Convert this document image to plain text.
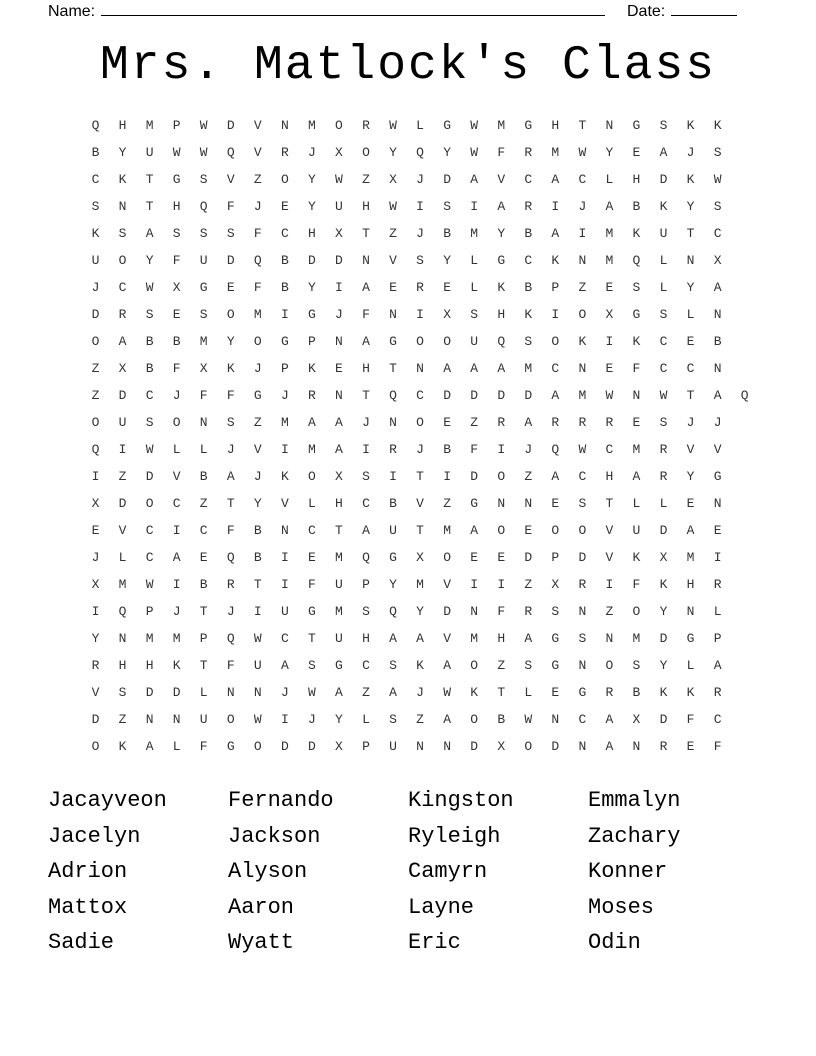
Name:	Date:
Mrs. Matlock's Class
Q	H	M	P	W	D	V	N	M	O	R	W	L	G	W	M	G	H	T	N	G	S	K	K
B	Y	U	W	W	Q	V	R	J	X	O	Y	Q	Y	W	F	R	M	W	Y	E	A	J	S
C	K	T	G	S	V	Z	O	Y	W	Z	X	J	D	A	V	C	A	C	L	H	D	K	W
S	N	T	H	Q	F	J	E	Y	U	H	W	I	S	I	A	R	I	J	A	B	K	Y	S
K	S	A	S	S	S	F	C	H	X	T	Z	J	B	M	Y	B	A	I	M	K	U	T	C
U	O	Y	F	U	D	Q	B	D	D	N	V	S	Y	L	G	C	K	N	M	Q	L	N	X
J	C	W	X	G	E	F	B	Y	I	A	E	R	E	L	K	B	P	Z	E	S	L	Y	A
D	R	S	E	S	O	M	I	G	J	F	N	I	X	S	H	K	I	O	X	G	S	L	N
O	A	B	B	M	Y	O	G	P	N	A	G	O	O	U	Q	S	O	K	I	K	C	E	B
Z	X	B	F	X	K	J	P	K	E	H	T	N	A	A	A	M	C	N	E	F	C	C	N
Z	D	C	J	F	F	G	J	R	N	T	Q	C	D	D	D	D	A	M	W	N	W	T	A	Q
O	U	S	O	N	S	Z	M	A	A	J	N	O	E	Z	R	A	R	R	R	E	S	J	J
Q	I	W	L	L	J	V	I	M	A	I	R	J	B	F	I	J	Q	W	C	M	R	V	V
I	Z	D	V	B	A	J	K	O	X	S	I	T	I	D	O	Z	A	C	H	A	R	Y	G
X	D	O	C	Z	T	Y	V	L	H	C	B	V	Z	G	N	N	E	S	T	L	L	E	N
E	V	C	I	C	F	B	N	C	T	A	U	T	M	A	O	E	O	O	V	U	D	A	E
J	L	C	A	E	Q	B	I	E	M	Q	G	X	O	E	E	D	P	D	V	K	X	M	I
X	M	W	I	B	R	T	I	F	U	P	Y	M	V	I	I	Z	X	R	I	F	K	H	R
I	Q	P	J	T	J	I	U	G	M	S	Q	Y	D	N	F	R	S	N	Z	O	Y	N	L
Y	N	M	M	P	Q	W	C	T	U	H	A	A	V	M	H	A	G	S	N	M	D	G	P
R	H	H	K	T	F	U	A	S	G	C	S	K	A	O	Z	S	G	N	O	S	Y	L	A
V	S	D	D	L	N	N	J	W	A	Z	A	J	W	K	T	L	E	G	R	B	K	K	R
D	Z	N	N	U	O	W	I	J	Y	L	S	Z	A	O	B	W	N	C	A	X	D	F	C
O	K	A	L	F	G	O	D	D	X	P	U	N	N	D	X	O	D	N	A	N	R	E	F
Jacayveon	Fernando	Kingston	Emmalyn
Jacelyn	Jackson	Ryleigh	Zachary
Adrion	Alyson	Camyrn	Konner
Mattox	Aaron	Layne	Moses
Sadie	Wyatt	Eric	Odin
